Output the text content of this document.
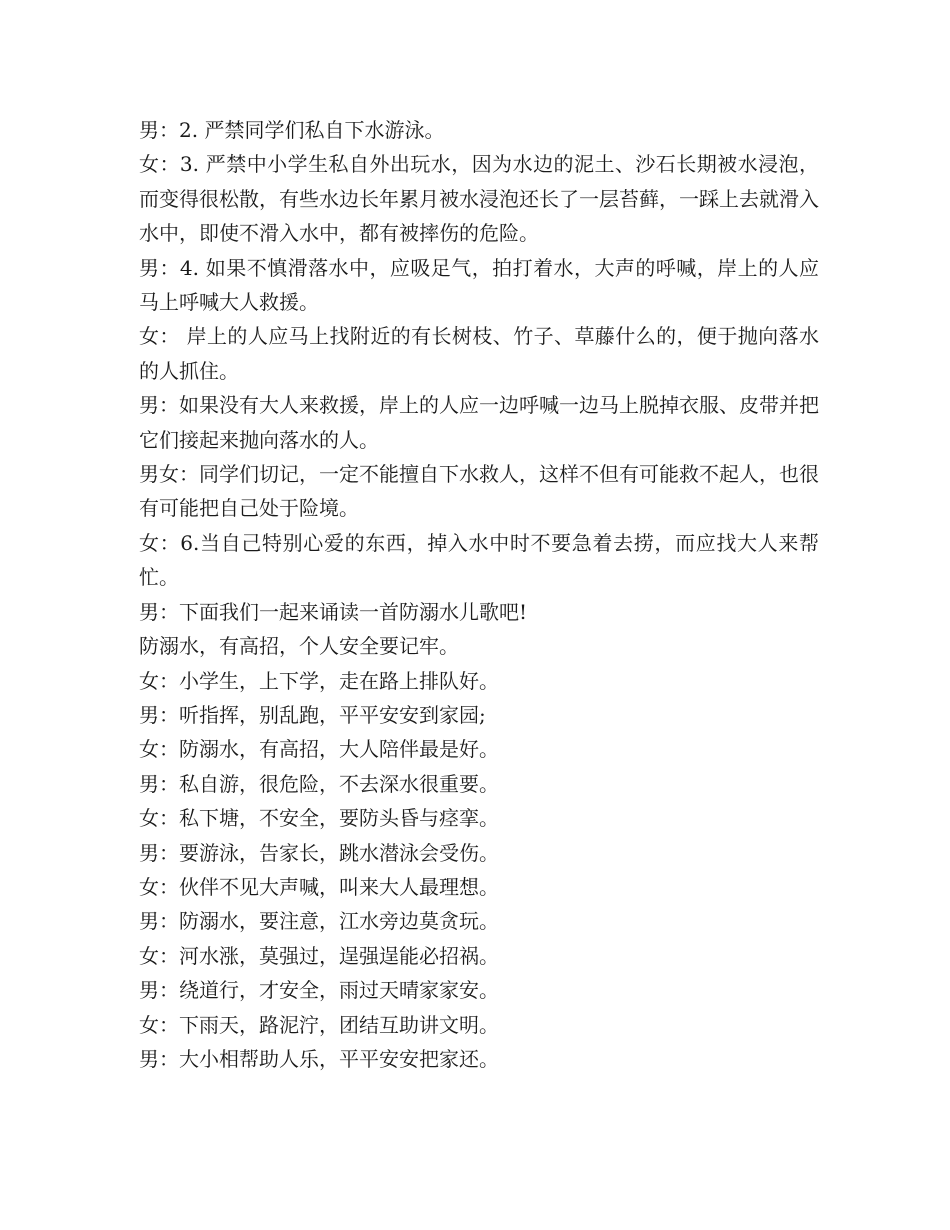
男：2. 严禁同学们私自下水游泳。

女：3. 严禁中小学生私自外出玩水，因为水边的泥土、沙石长期被水浸泡，而变得很松散，有些水边长年累月被水浸泡还长了一层苔藓，一踩上去就滑入水中，即使不滑入水中，都有被摔伤的危险。

男：4. 如果不慎滑落水中，应吸足气，拍打着水，大声的呼喊，岸上的人应马上呼喊大人救援。

女： 岸上的人应马上找附近的有长树枝、竹子、草藤什么的，便于抛向落水的人抓住。

男：如果没有大人来救援，岸上的人应一边呼喊一边马上脱掉衣服、皮带并把它们接起来抛向落水的人。

男女：同学们切记，一定不能擅自下水救人，这样不但有可能救不起人，也很有可能把自己处于险境。

女：6.当自己特别心爱的东西，掉入水中时不要急着去捞，而应找大人来帮忙。

男：下面我们一起来诵读一首防溺水儿歌吧!

防溺水，有高招，个人安全要记牢。

女：小学生，上下学，走在路上排队好。

男：听指挥，别乱跑，平平安安到家园;

女：防溺水，有高招，大人陪伴最是好。

男：私自游，很危险，不去深水很重要。

女：私下塘，不安全，要防头昏与痉挛。

男：要游泳，告家长，跳水潜泳会受伤。

女：伙伴不见大声喊，叫来大人最理想。

男：防溺水，要注意，江水旁边莫贪玩。

女：河水涨，莫强过，逞强逞能必招祸。

男：绕道行，才安全，雨过天晴家家安。

女：下雨天，路泥泞，团结互助讲文明。

男：大小相帮助人乐，平平安安把家还。
